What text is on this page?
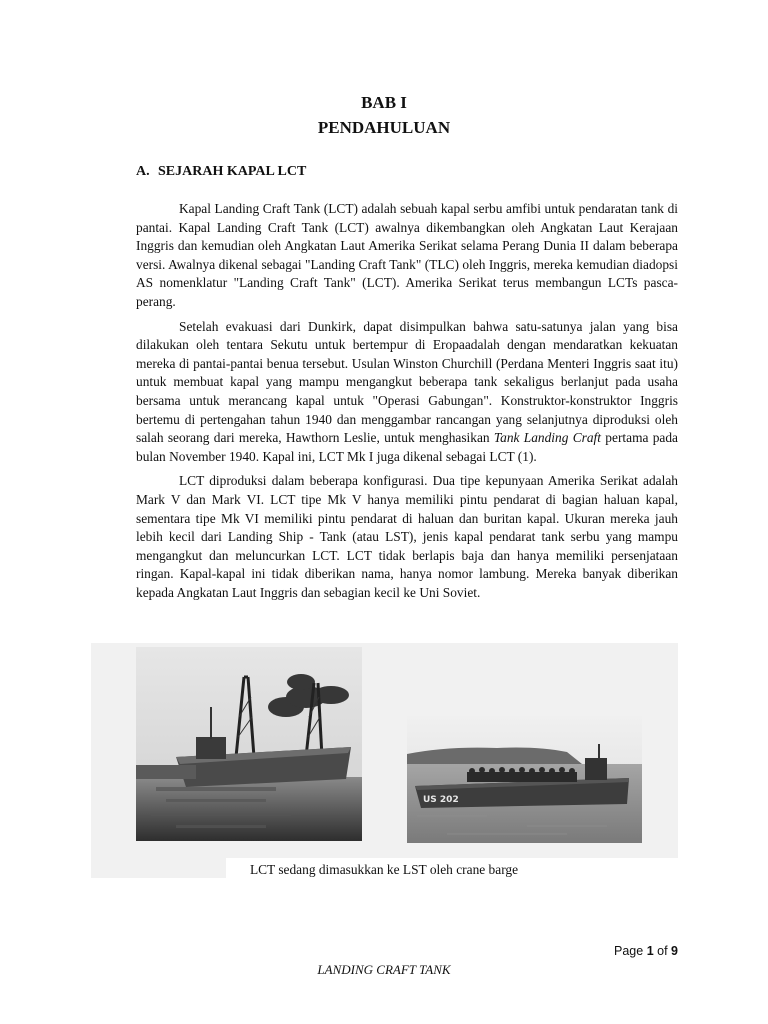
BAB I
PENDAHULUAN
A. SEJARAH KAPAL LCT

Kapal Landing Craft Tank (LCT) adalah sebuah kapal serbu amfibi untuk pendaratan tank di pantai. Kapal Landing Craft Tank (LCT) awalnya dikembangkan oleh Angkatan Laut Kerajaan Inggris dan kemudian oleh Angkatan Laut Amerika Serikat selama Perang Dunia II dalam beberapa versi. Awalnya dikenal sebagai "Landing Craft Tank" (TLC) oleh Inggris, mereka kemudian diadopsi AS nomenklatur "Landing Craft Tank" (LCT). Amerika Serikat terus membangun LCTs pasca-perang.

Setelah evakuasi dari Dunkirk, dapat disimpulkan bahwa satu-satunya jalan yang bisa dilakukan oleh tentara Sekutu untuk bertempur di Eropaadalah dengan mendaratkan kekuatan mereka di pantai-pantai benua tersebut. Usulan Winston Churchill (Perdana Menteri Inggris saat itu) untuk membuat kapal yang mampu mengangkut beberapa tank sekaligus berlanjut pada usaha bersama untuk merancang kapal untuk "Operasi Gabungan". Konstruktor-konstruktor Inggris bertemu di pertengahan tahun 1940 dan menggambar rancangan yang selanjutnya diproduksi oleh salah seorang dari mereka, Hawthorn Leslie, untuk menghasikan Tank Landing Craft pertama pada bulan November 1940. Kapal ini, LCT Mk I juga dikenal sebagai LCT (1).

LCT diproduksi dalam beberapa konfigurasi. Dua tipe kepunyaan Amerika Serikat adalah Mark V dan Mark VI. LCT tipe Mk V hanya memiliki pintu pendarat di bagian haluan kapal, sementara tipe Mk VI memiliki pintu pendarat di haluan dan buritan kapal. Ukuran mereka jauh lebih kecil dari Landing Ship - Tank (atau LST), jenis kapal pendarat tank serbu yang mampu mengangkut dan meluncurkan LCT. LCT tidak berlapis baja dan hanya memiliki persenjataan ringan. Kapal-kapal ini tidak diberikan nama, hanya nomor lambung. Mereka banyak diberikan kepada Angkatan Laut Inggris dan sebagian kecil ke Uni Soviet.

US 202
LCT sedang dimasukkan ke LST oleh crane barge
Page 1 of 9
LANDING CRAFT TANK
